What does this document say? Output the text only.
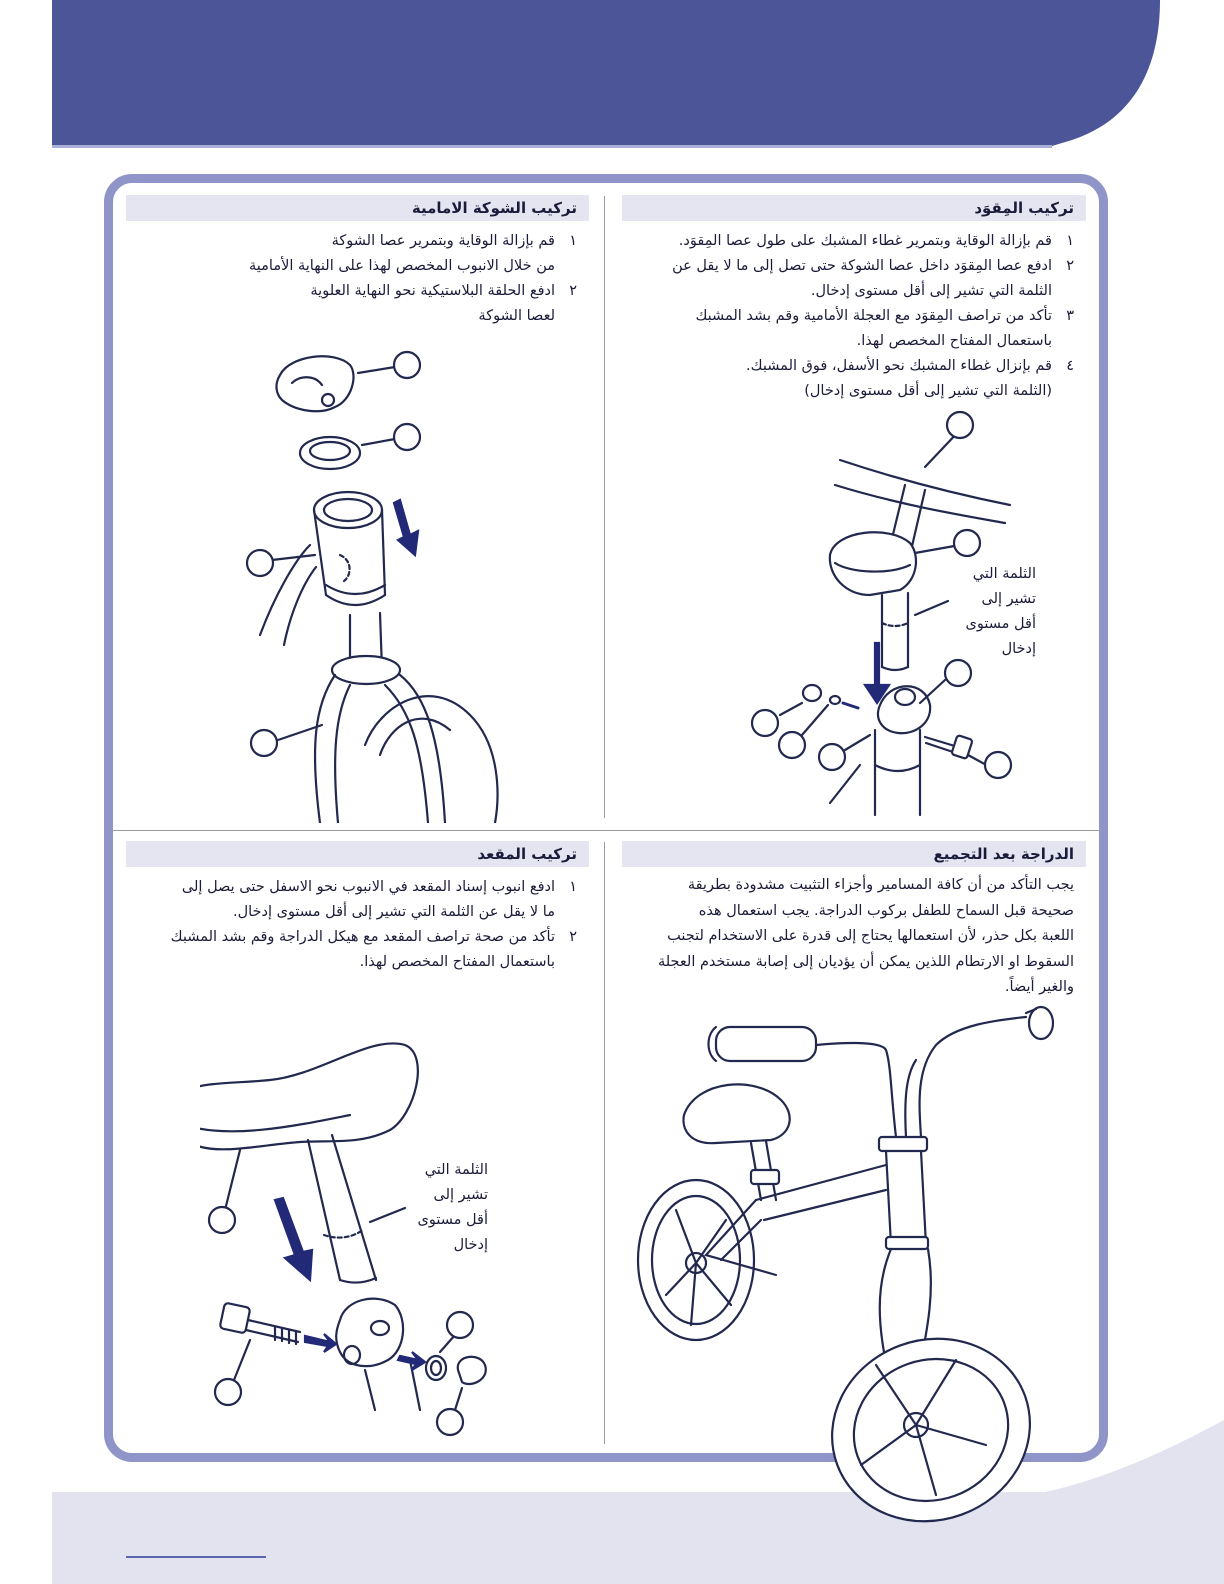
تركيب المِقوَد
١
قم بإزالة الوقاية وبتمرير غطاء المشبك على طول عصا المِقوَد.
٢
ادفع عصا المِقوَد داخل عصا الشوكة حتى تصل إلى ما لا يقل عن
الثلمة التي تشير إلى أقل مستوى إدخال.
٣
تأكد من تراصف المِقوَد مع العجلة الأمامية وقم بشد المشبك
باستعمال المفتاح المخصص لهذا.
٤
قم بإنزال غطاء المشبك نحو الأسفل، فوق المشبك.
(الثلمة التي تشير إلى أقل مستوى إدخال)
الثلمة التي
تشير إلى
أقل مستوى
إدخال
تركيب الشوكة الامامية
١
قم بإزالة الوقاية وبتمرير عصا الشوكة
من خلال الانبوب المخصص لهذا على النهاية الأمامية
٢
ادفع الحلقة البلاستيكية نحو النهاية العلوية
لعصا الشوكة
الدراجة بعد التجميع
يجب التأكد من أن كافة المسامير وأجزاء التثبيت مشدودة بطريقة
صحيحة قبل السماح للطفل بركوب الدراجة. يجب استعمال هذه
اللعبة بكل حذر، لأن استعمالها يحتاج إلى قدرة على الاستخدام لتجنب
السقوط او الارتطام اللذين يمكن أن يؤديان إلى إصابة مستخدم العجلة
والغير أيضاً.
تركيب المقعد
١
ادفع انبوب إسناد المقعد في الانبوب نحو الاسفل حتى يصل إلى
ما لا يقل عن الثلمة التي تشير إلى أقل مستوى إدخال.
٢
تأكد من صحة تراصف المقعد مع هيكل الدراجة وقم بشد المشبك
باستعمال المفتاح المخصص لهذا.
الثلمة التي
تشير إلى
أقل مستوى
إدخال
